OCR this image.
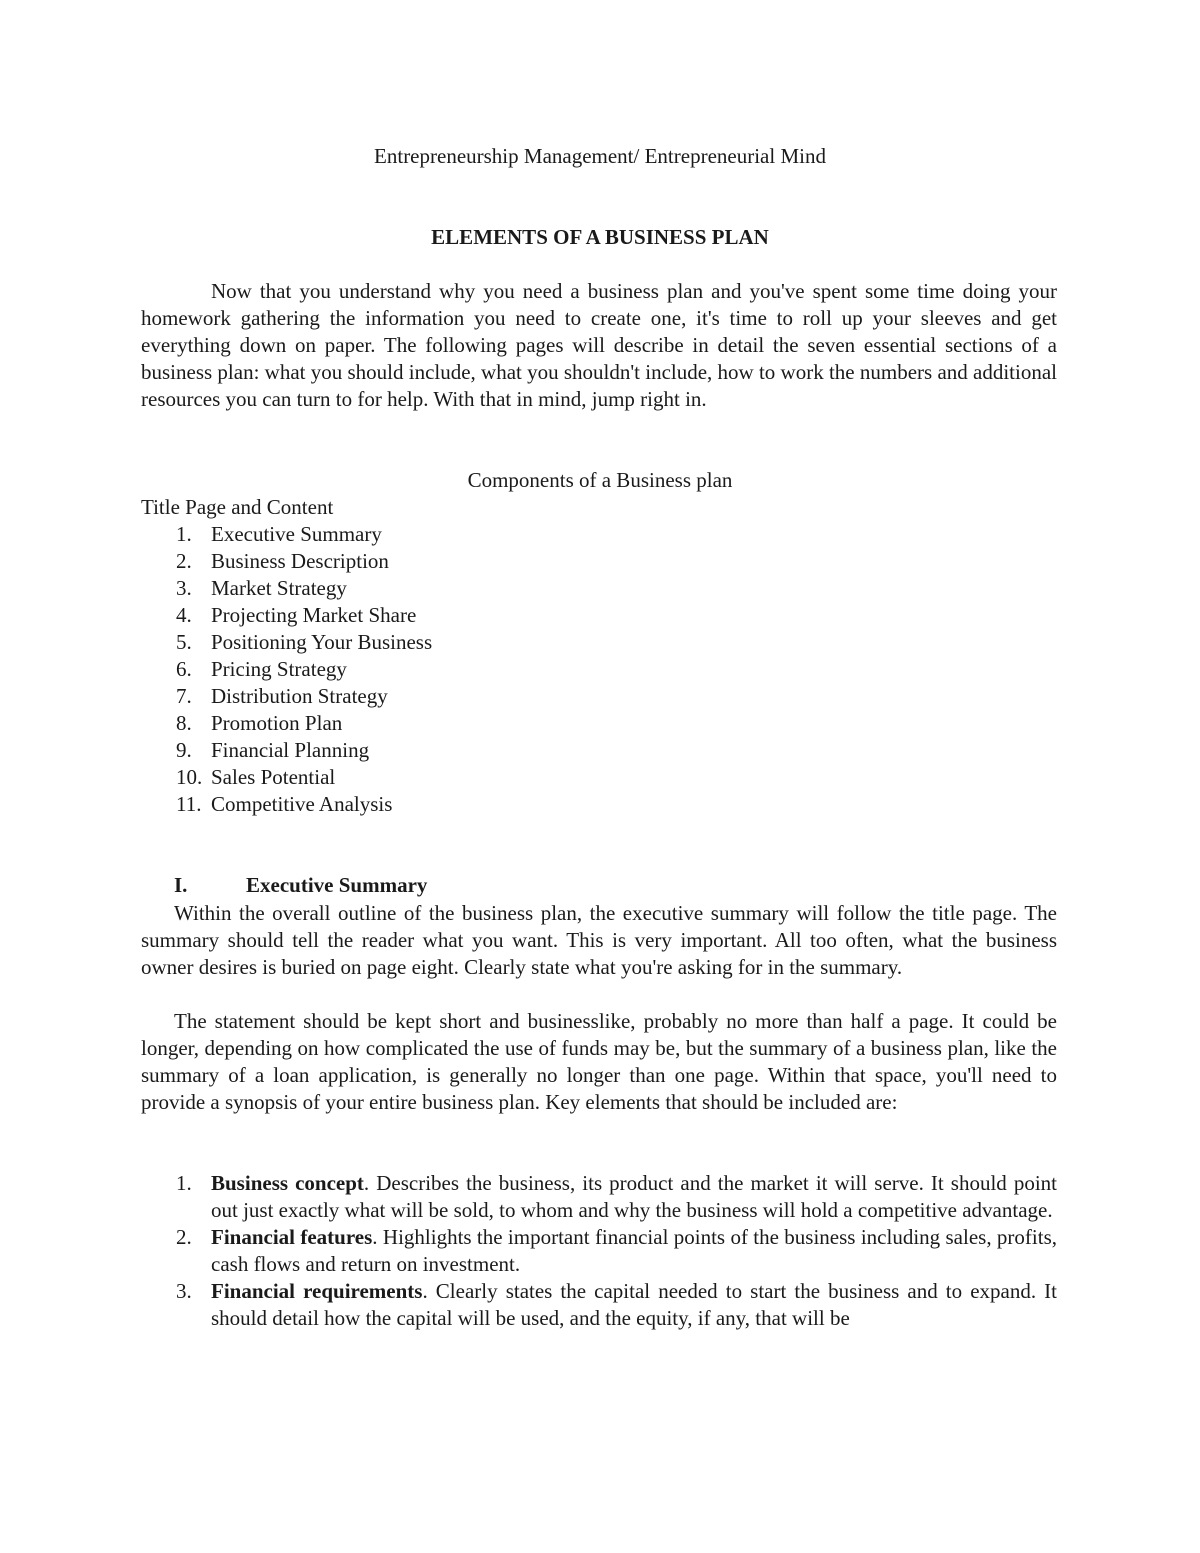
Entrepreneurship Management/ Entrepreneurial Mind
ELEMENTS OF A BUSINESS PLAN

Now that you understand why you need a business plan and you've spent some time doing your homework gathering the information you need to create one, it's time to roll up your sleeves and get everything down on paper. The following pages will describe in detail the seven essential sections of a business plan: what you should include, what you shouldn't include, how to work the numbers and additional resources you can turn to for help. With that in mind, jump right in.

Components of a Business plan
Title Page and Content
1. Executive Summary
2. Business Description
3. Market Strategy
4. Projecting Market Share
5. Positioning Your Business
6. Pricing Strategy
7. Distribution Strategy
8. Promotion Plan
9. Financial Planning
10. Sales Potential
11. Competitive Analysis
I.	Executive Summary

Within the overall outline of the business plan, the executive summary will follow the title page. The summary should tell the reader what you want. This is very important. All too often, what the business owner desires is buried on page eight. Clearly state what you're asking for in the summary.

The statement should be kept short and businesslike, probably no more than half a page. It could be longer, depending on how complicated the use of funds may be, but the summary of a business plan, like the summary of a loan application, is generally no longer than one page. Within that space, you'll need to provide a synopsis of your entire business plan. Key elements that should be included are:

1. Business concept. Describes the business, its product and the market it will serve. It should point out just exactly what will be sold, to whom and why the business will hold a competitive advantage.
2. Financial features. Highlights the important financial points of the business including sales, profits, cash flows and return on investment.
3. Financial requirements. Clearly states the capital needed to start the business and to expand. It should detail how the capital will be used, and the equity, if any, that will be
